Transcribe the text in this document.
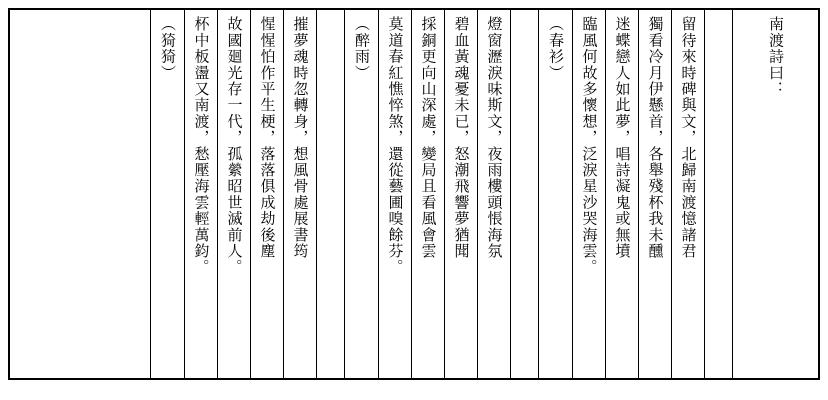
南渡詩曰：
留待來時碑與文，北歸南渡憶諸君
獨看冷月伊懸首，各舉殘杯我未醺
迷蝶戀人如此夢，唱詩凝鬼或無墳
臨風何故多懷想，泛淚星沙哭海雲。
（春衫）
燈窗瀝淚味斯文，夜雨樓頭悵海氛
碧血黃魂憂未已，怒潮飛響夢猶聞
採銅更向山深處，變局且看風會雲
莫道春紅憔悴煞，還從藝圃嗅餘芬。
（醉雨）
摧夢魂時忽轉身，想風骨處展書筠
惺惺怕作平生梗，落落俱成劫後塵
故國廻光存一代，孤縈昭世滅前人。
杯中板盪又南渡，愁壓海雲輕萬鈞。
（猗猗）
